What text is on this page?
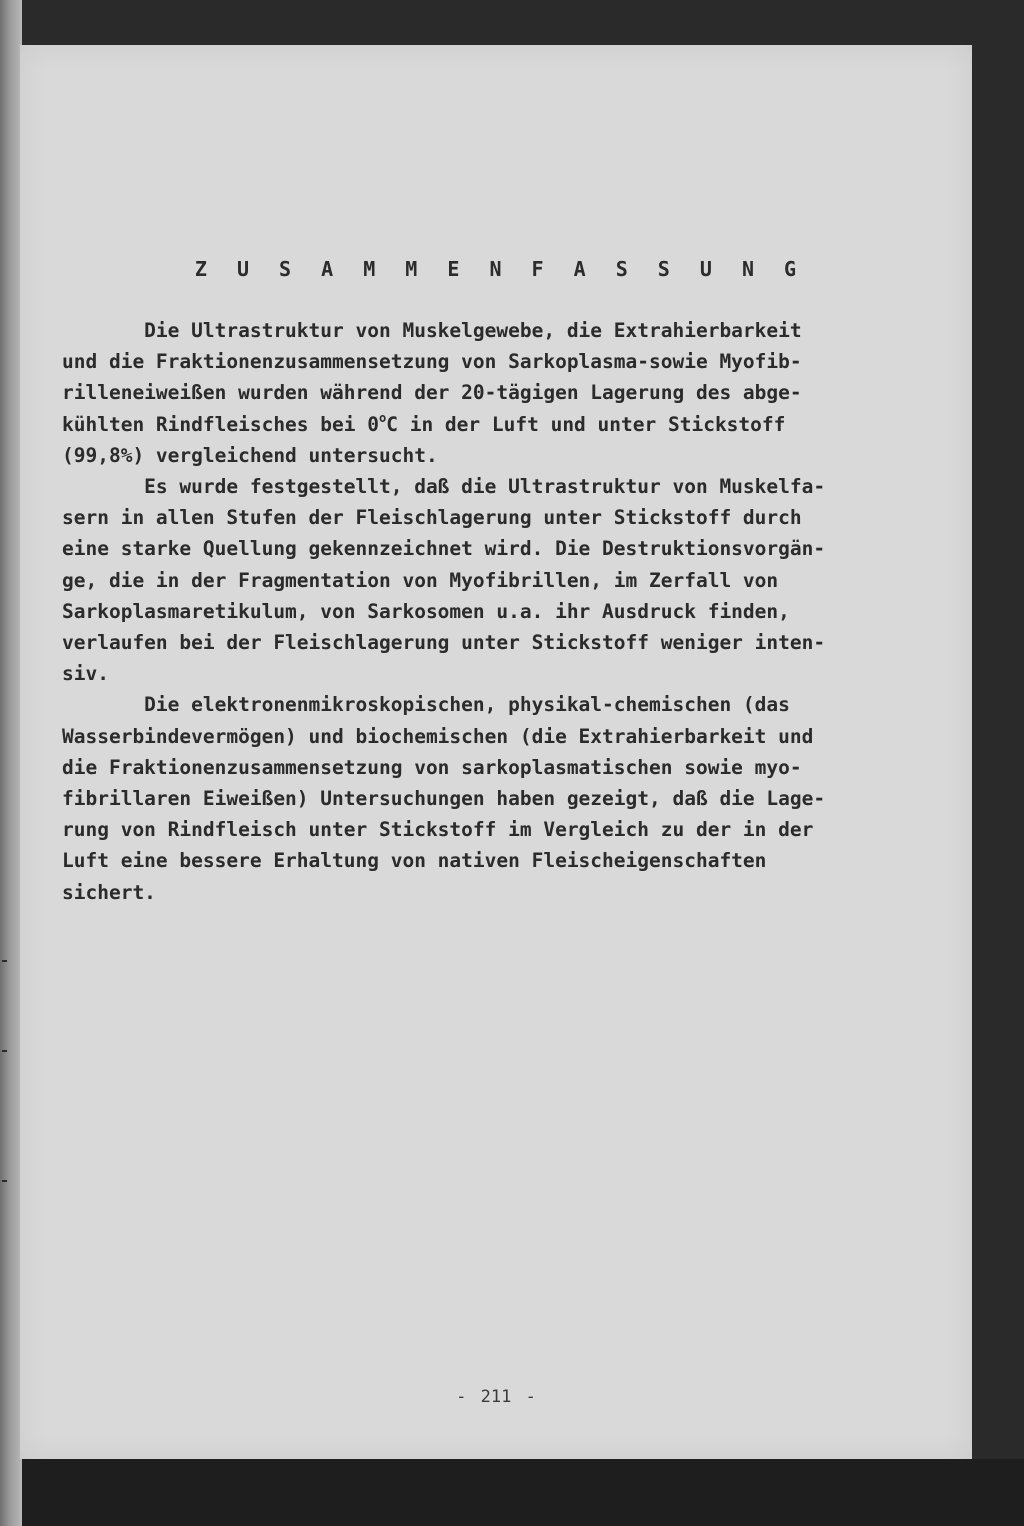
Z U S A M M E N F A S S U N G
Die Ultrastruktur von Muskelgewebe, die Extrahierbarkeit
und die Fraktionenzusammensetzung von Sarkoplasma-sowie Myofib-
rilleneiweißen wurden während der 20-tägigen Lagerung des abge-
kühlten Rindfleisches bei 0$^o$C in der Luft und unter Stickstoff
(99,8%) vergleichend untersucht.
Es wurde festgestellt, daß die Ultrastruktur von Muskelfa-
sern in allen Stufen der Fleischlagerung unter Stickstoff durch
eine starke Quellung gekennzeichnet wird. Die Destruktionsvorgän-
ge, die in der Fragmentation von Myofibrillen, im Zerfall von
Sarkoplasmaretikulum, von Sarkosomen u.a. ihr Ausdruck finden,
verlaufen bei der Fleischlagerung unter Stickstoff weniger inten-
siv.
Die elektronenmikroskopischen, physikal-chemischen (das
Wasserbindevermögen) und biochemischen (die Extrahierbarkeit und
die Fraktionenzusammensetzung von sarkoplasmatischen sowie myo-
fibrillaren Eiweißen) Untersuchungen haben gezeigt, daß die Lage-
rung von Rindfleisch unter Stickstoff im Vergleich zu der in der
Luft eine bessere Erhaltung von nativen Fleischeigenschaften
sichert.
- 211 -
